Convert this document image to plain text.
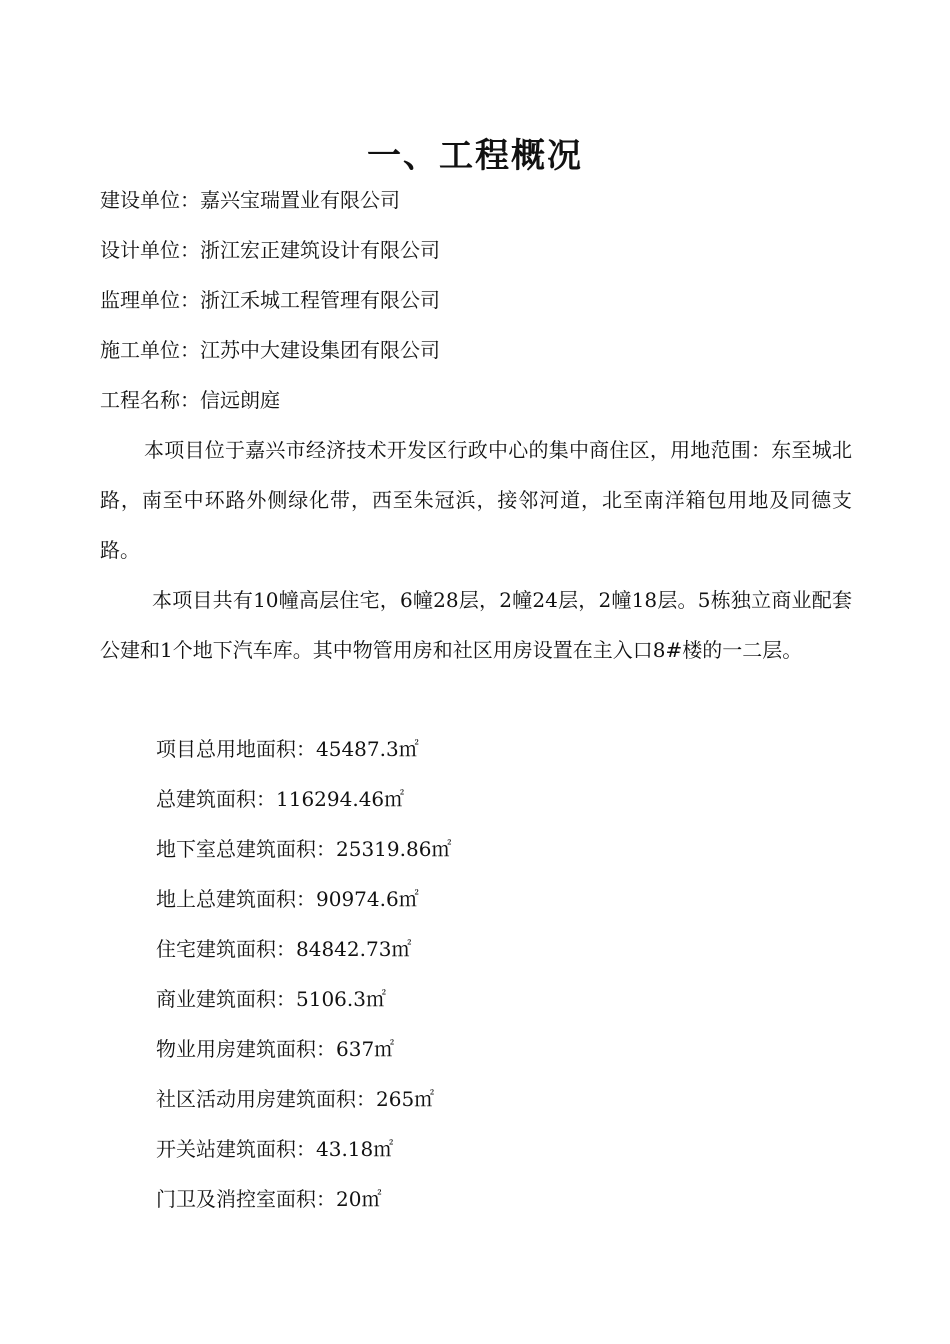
一、工程概况
建设单位：嘉兴宝瑞置业有限公司
设计单位：浙江宏正建筑设计有限公司
监理单位：浙江禾城工程管理有限公司
施工单位：江苏中大建设集团有限公司
工程名称：信远朗庭

本项目位于嘉兴市经济技术开发区行政中心的集中商住区，用地范围：东至城北路，南至中环路外侧绿化带，西至朱冠浜，接邻河道，北至南洋箱包用地及同德支路。

本项目共有10幢高层住宅，6幢28层，2幢24层，2幢18层。5栋独立商业配套公建和1个地下汽车库。其中物管用房和社区用房设置在主入口8#楼的一二层。

项目总用地面积：45487.3㎡
总建筑面积：116294.46㎡
地下室总建筑面积：25319.86㎡
地上总建筑面积：90974.6㎡
住宅建筑面积：84842.73㎡
商业建筑面积：5106.3㎡
物业用房建筑面积：637㎡
社区活动用房建筑面积：265㎡
开关站建筑面积：43.18㎡
门卫及消控室面积：20㎡
